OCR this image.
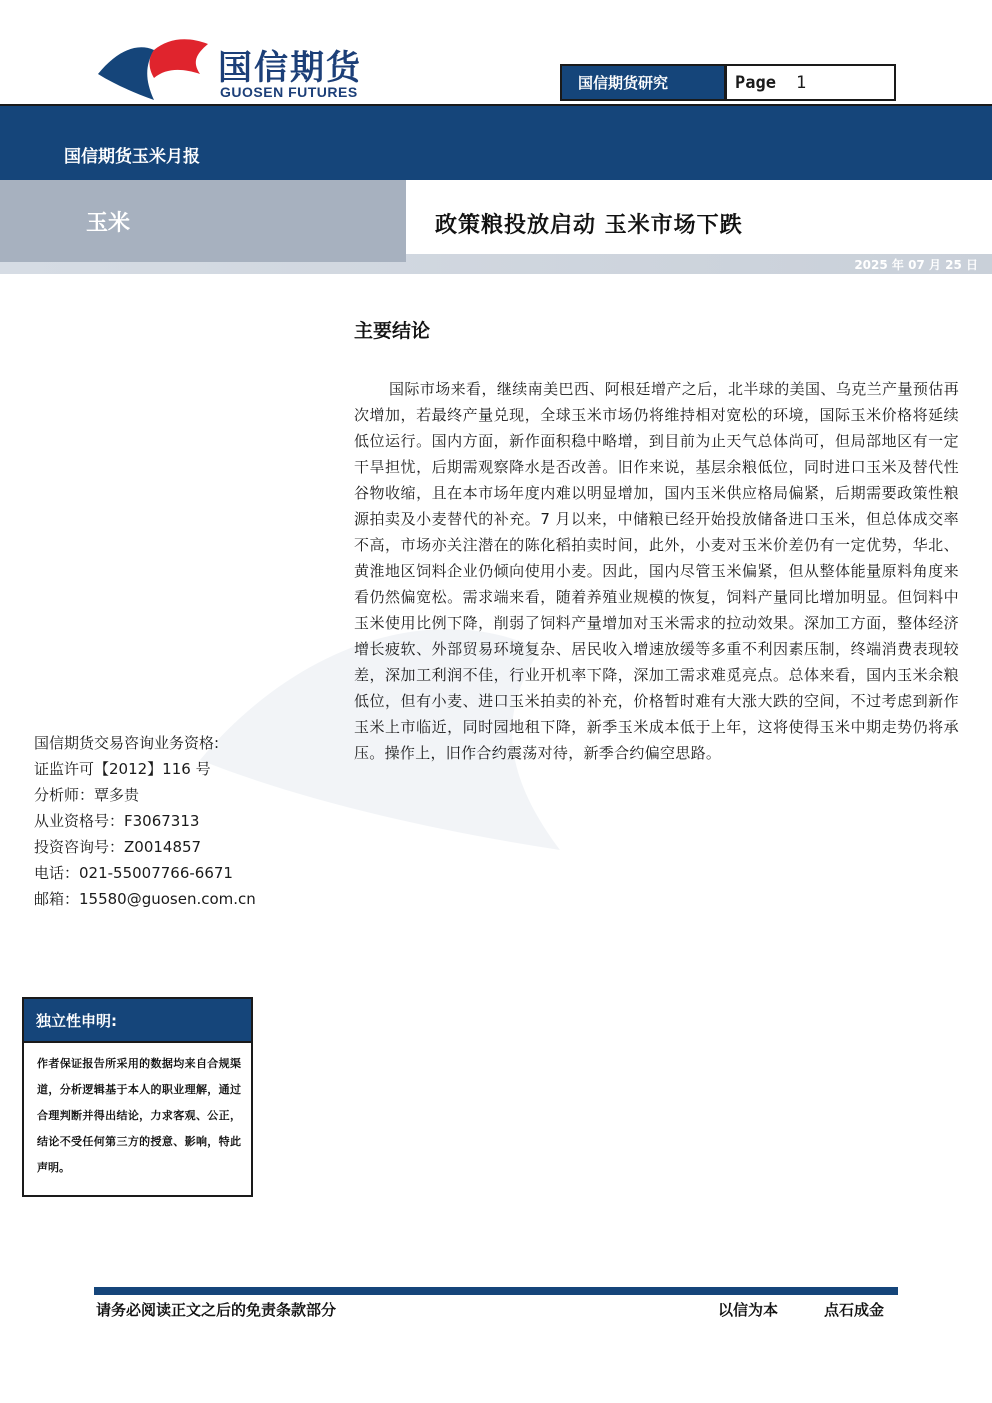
国信期货
GUOSEN FUTURES	国信期货研究	Page 1
国信期货玉米月报
玉米	政策粮投放启动 玉米市场下跌
2025 年 07 月 25 日
主要结论
国际市场来看，继续南美巴西、阿根廷增产之后，北半球的美国、乌克兰产量预估再次增加，若最终产量兑现，全球玉米市场仍将维持相对宽松的环境，国际玉米价格将延续低位运行。国内方面，新作面积稳中略增，到目前为止天气总体尚可，但局部地区有一定干旱担忧，后期需观察降水是否改善。旧作来说，基层余粮低位，同时进口玉米及替代性谷物收缩，且在本市场年度内难以明显增加，国内玉米供应格局偏紧，后期需要政策性粮源拍卖及小麦替代的补充。7 月以来，中储粮已经开始投放储备进口玉米，但总体成交率不高，市场亦关注潜在的陈化稻拍卖时间，此外，小麦对玉米价差仍有一定优势，华北、黄淮地区饲料企业仍倾向使用小麦。因此，国内尽管玉米偏紧，但从整体能量原料角度来看仍然偏宽松。需求端来看，随着养殖业规模的恢复，饲料产量同比增加明显。但饲料中玉米使用比例下降，削弱了饲料产量增加对玉米需求的拉动效果。深加工方面，整体经济增长疲软、外部贸易环境复杂、居民收入增速放缓等多重不利因素压制，终端消费表现较差，深加工利润不佳，行业开机率下降，深加工需求难觅亮点。总体来看，国内玉米余粮低位，但有小麦、进口玉米拍卖的补充，价格暂时难有大涨大跌的空间，不过考虑到新作玉米上市临近，同时园地租下降，新季玉米成本低于上年，这将使得玉米中期走势仍将承压。操作上，旧作合约震荡对待，新季合约偏空思路。
国信期货交易咨询业务资格:
证监许可【2012】116 号
分析师：覃多贵
从业资格号：F3067313
投资咨询号：Z0014857
电话：021-55007766-6671
邮箱：15580@guosen.com.cn
独立性申明:
作者保证报告所采用的数据均来自合规渠道，分析逻辑基于本人的职业理解，通过合理判断并得出结论，力求客观、公正，结论不受任何第三方的授意、影响，特此声明。
请务必阅读正文之后的免责条款部分	以信为本	点石成金
